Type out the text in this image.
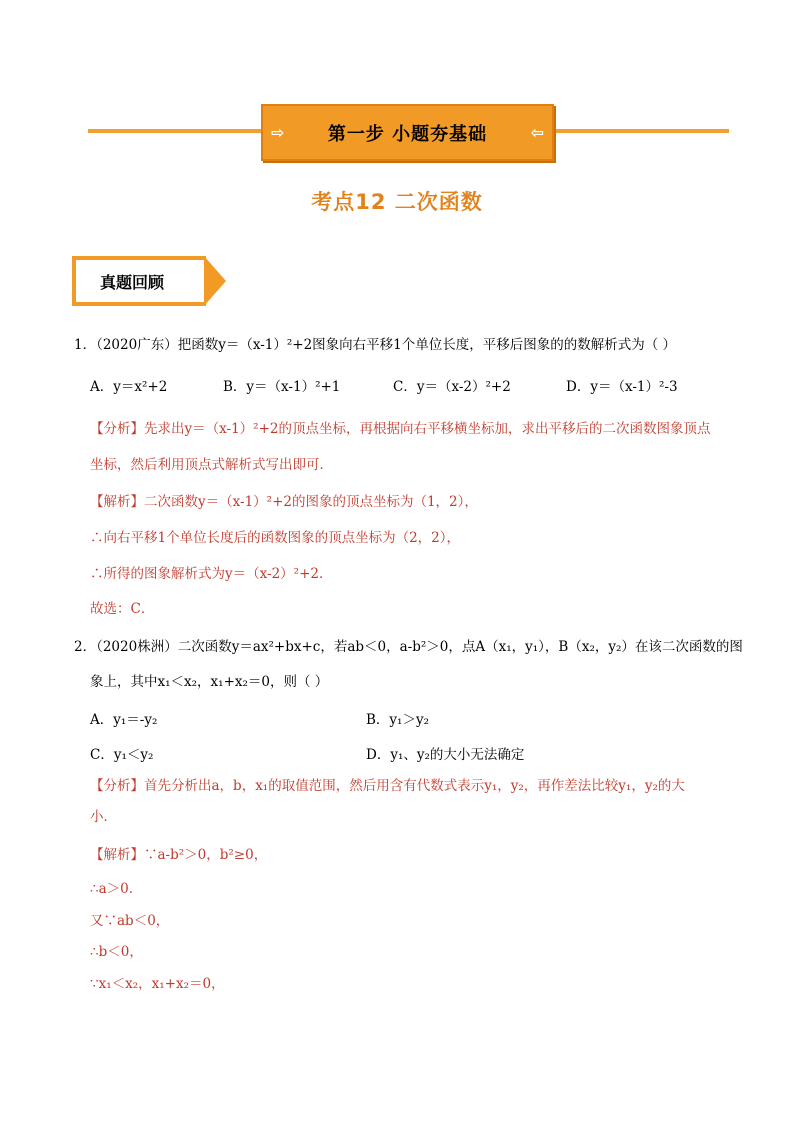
⇨ 第一步 小题夯基础	⇦
考点12 二次函数
真题回顾
1．（2020广东）把函数y＝（x-1）²+2图象向右平移1个单位长度，平移后图象的的数解析式为（ ）
A．y＝x²+2	B．y＝（x-1）²+1	C．y＝（x-2）²+2	D．y＝（x-1）²-3
【分析】先求出y＝（x-1）²+2的顶点坐标，再根据向右平移横坐标加，求出平移后的二次函数图象顶点
坐标，然后利用顶点式解析式写出即可．
【解析】二次函数y＝（x-1）²+2的图象的顶点坐标为（1，2），
∴向右平移1个单位长度后的函数图象的顶点坐标为（2，2），
∴所得的图象解析式为y＝（x-2）²+2．
故选：C．
2．（2020株洲）二次函数y＝ax²+bx+c，若ab＜0，a-b²＞0，点A（x₁，y₁），B（x₂，y₂）在该二次函数的图
象上，其中x₁＜x₂，x₁+x₂＝0，则（ ）
A．y₁＝-y₂	B．y₁＞y₂
C．y₁＜y₂	D．y₁、y₂的大小无法确定
【分析】首先分析出a，b，x₁的取值范围，然后用含有代数式表示y₁，y₂，再作差法比较y₁，y₂的大
小．
【解析】∵a-b²＞0，b²≥0，
∴a＞0．
又∵ab＜0，
∴b＜0，
∵x₁＜x₂，x₁+x₂＝0，
